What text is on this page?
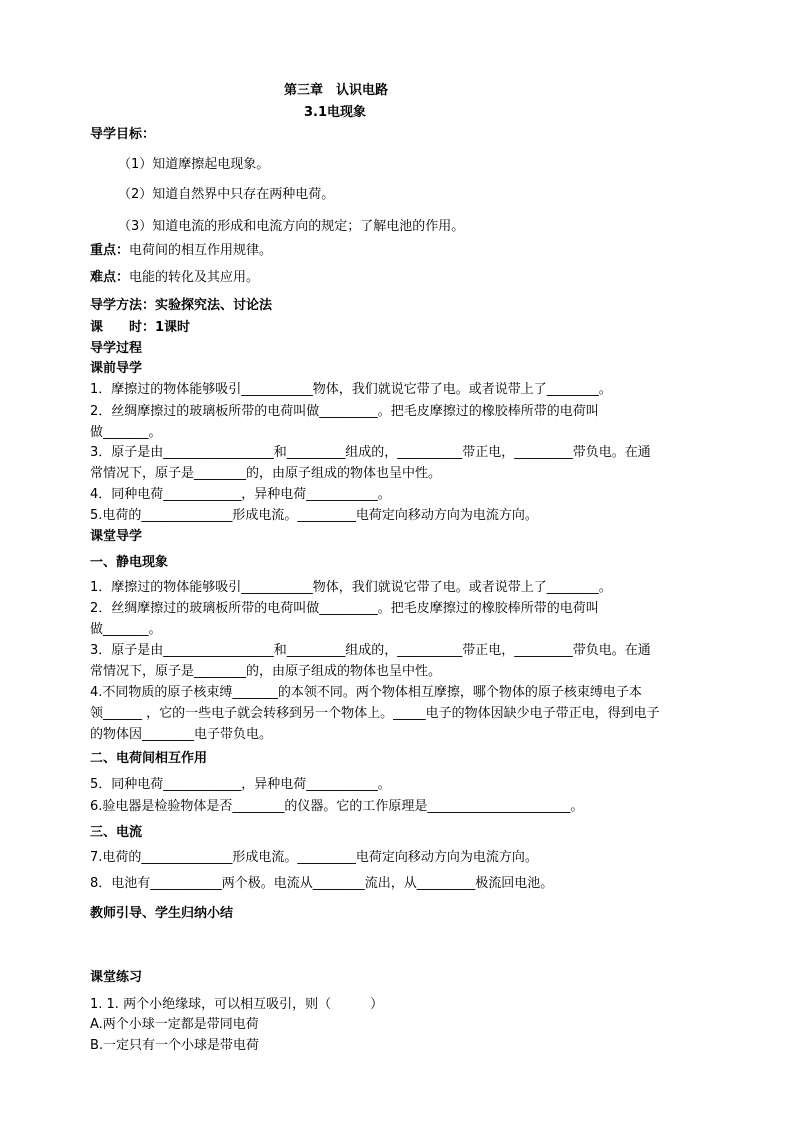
第三章　认识电路
3.1电现象
导学目标：
（1）知道摩擦起电现象。
（2）知道自然界中只存在两种电荷。
（3）知道电流的形成和电流方向的规定；了解电池的作用。
重点：电荷间的相互作用规律。
难点：电能的转化及其应用。
导学方法：实验探究法、讨论法
课　　时：1课时
导学过程
课前导学
1．摩擦过的物体能够吸引___________物体，我们就说它带了电。或者说带上了________。
2．丝绸摩擦过的玻璃板所带的电荷叫做_________。把毛皮摩擦过的橡胶棒所带的电荷叫
做_______。
3．原子是由_________________和_________组成的，__________带正电，_________带负电。在通
常情况下，原子是________的，由原子组成的物体也呈中性。
4．同种电荷____________，异种电荷___________。
5.电荷的______________形成电流。_________电荷定向移动方向为电流方向。
课堂导学
一、静电现象
1．摩擦过的物体能够吸引___________物体，我们就说它带了电。或者说带上了________。
2．丝绸摩擦过的玻璃板所带的电荷叫做_________。把毛皮摩擦过的橡胶棒所带的电荷叫
做_______。
3．原子是由_________________和_________组成的，__________带正电，_________带负电。在通
常情况下，原子是________的，由原子组成的物体也呈中性。
4.不同物质的原子核束缚_______的本领不同。两个物体相互摩擦，哪个物体的原子核束缚电子本
领______ ，它的一些电子就会转移到另一个物体上。_____电子的物体因缺少电子带正电，得到电子
的物体因________电子带负电。
二、电荷间相互作用
5．同种电荷____________，异种电荷___________。
6.验电器是检验物体是否________的仪器。它的工作原理是______________________。
三、电流
7.电荷的______________形成电流。_________电荷定向移动方向为电流方向。
8．电池有___________两个极。电流从________流出，从_________极流回电池。
教师引导、学生归纳小结
课堂练习
1. 1. 两个小绝缘球，可以相互吸引，则（　　　）
A.两个小球一定都是带同电荷
B.一定只有一个小球是带电荷
